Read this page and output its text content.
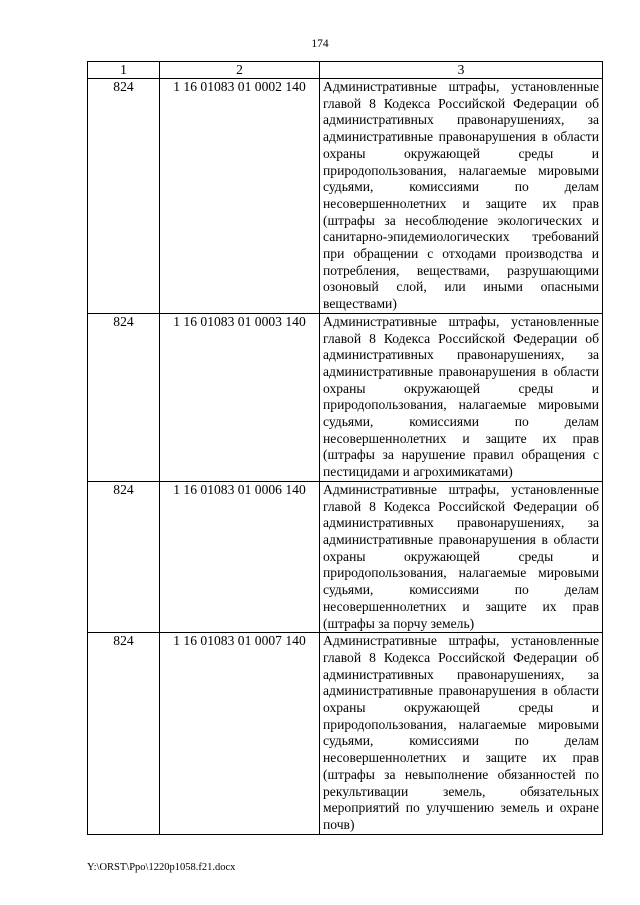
174
1	2	3
824	1 16 01083 01 0002 140	Административные штрафы, установленные главой 8 Кодекса Российской Федерации об административных правонарушениях, за административные правонарушения в области охраны окружающей среды и природопользования, налагаемые мировыми судьями, комиссиями по делам несовершеннолетних и защите их прав (штрафы за несоблюдение экологических и санитарно-эпидемиологических требований при обращении с отходами производства и потребления, веществами, разрушающими озоновый слой, или иными опасными веществами)
824	1 16 01083 01 0003 140	Административные штрафы, установленные главой 8 Кодекса Российской Федерации об административных правонарушениях, за административные правонарушения в области охраны окружающей среды и природопользования, налагаемые мировыми судьями, комиссиями по делам несовершеннолетних и защите их прав (штрафы за нарушение правил обращения с пестицидами и агрохимикатами)
824	1 16 01083 01 0006 140	Административные штрафы, установленные главой 8 Кодекса Российской Федерации об административных правонарушениях, за административные правонарушения в области охраны окружающей среды и природопользования, налагаемые мировыми судьями, комиссиями по делам несовершеннолетних и защите их прав (штрафы за порчу земель)
824	1 16 01083 01 0007 140	Административные штрафы, установленные главой 8 Кодекса Российской Федерации об административных правонарушениях, за административные правонарушения в области охраны окружающей среды и природопользования, налагаемые мировыми судьями, комиссиями по делам несовершеннолетних и защите их прав (штрафы за невыполнение обязанностей по рекультивации земель, обязательных мероприятий по улучшению земель и охране почв)
Y:\ORST\Ppo\1220p1058.f21.docx
